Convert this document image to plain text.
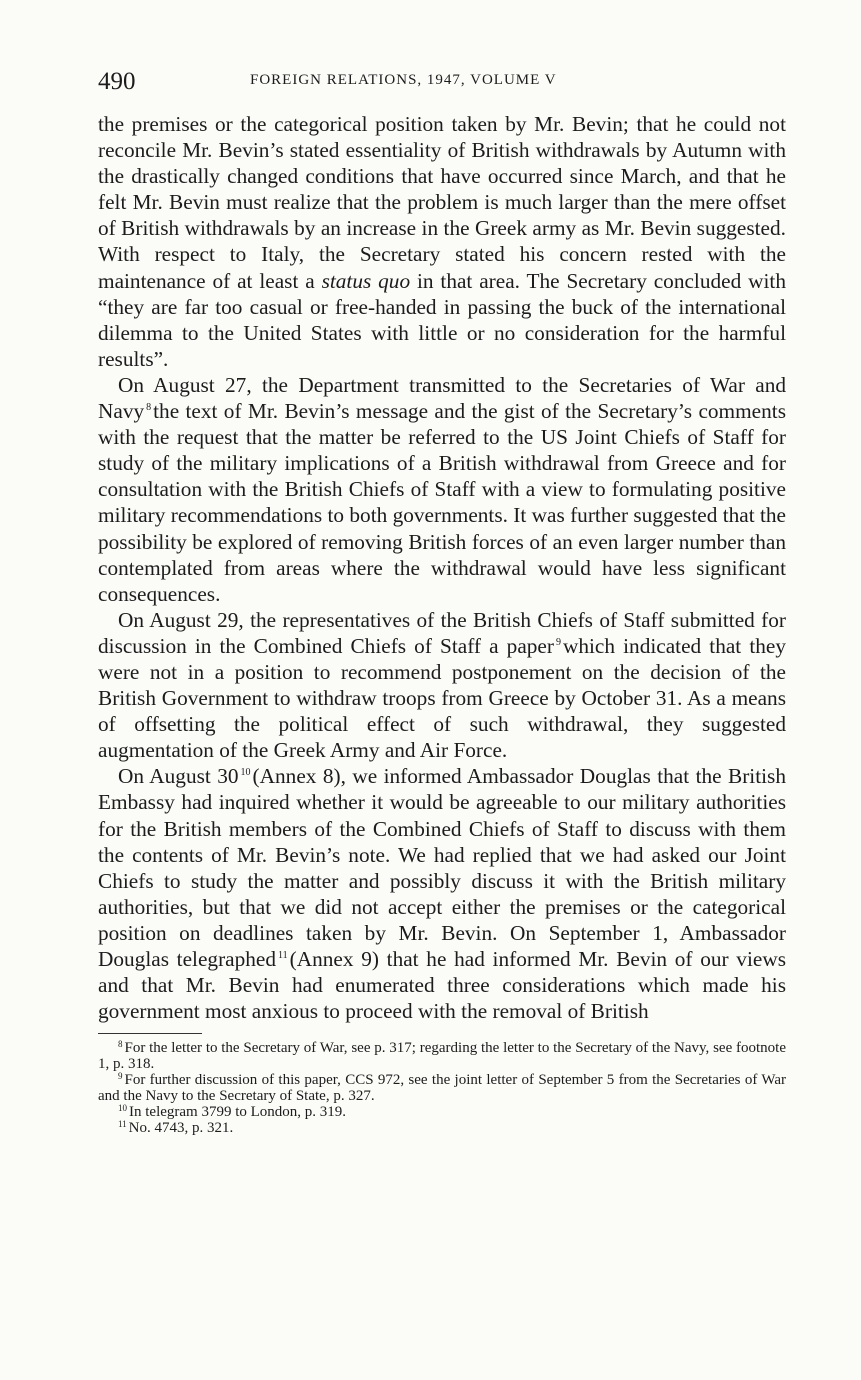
490	FOREIGN RELATIONS, 1947, VOLUME V

the premises or the categorical position taken by Mr. Bevin; that he could not reconcile Mr. Bevin’s stated essentiality of British withdrawals by Autumn with the drastically changed conditions that have occurred since March, and that he felt Mr. Bevin must realize that the problem is much larger than the mere offset of British withdrawals by an increase in the Greek army as Mr. Bevin suggested. With respect to Italy, the Secretary stated his concern rested with the maintenance of at least a status quo in that area. The Secretary concluded with “they are far too casual or free-handed in passing the buck of the international dilemma to the United States with little or no consideration for the harmful results”.

On August 27, the Department transmitted to the Secretaries of War and Navy $^8$the text of Mr. Bevin’s message and the gist of the Secretary’s comments with the request that the matter be referred to the US Joint Chiefs of Staff for study of the military implications of a British withdrawal from Greece and for consultation with the British Chiefs of Staff with a view to formulating positive military recommendations to both governments. It was further suggested that the possibility be explored of removing British forces of an even larger number than contemplated from areas where the withdrawal would have less significant consequences.

On August 29, the representatives of the British Chiefs of Staff submitted for discussion in the Combined Chiefs of Staff a paper $^9$which indicated that they were not in a position to recommend postponement on the decision of the British Government to withdraw troops from Greece by October 31. As a means of offsetting the political effect of such withdrawal, they suggested augmentation of the Greek Army and Air Force.

On August 30 $^{10}$(Annex 8), we informed Ambassador Douglas that the British Embassy had inquired whether it would be agreeable to our military authorities for the British members of the Combined Chiefs of Staff to discuss with them the contents of Mr. Bevin’s note. We had replied that we had asked our Joint Chiefs to study the matter and possibly discuss it with the British military authorities, but that we did not accept either the premises or the categorical position on deadlines taken by Mr. Bevin. On September 1, Ambassador Douglas telegraphed $^{11}$(Annex 9) that he had informed Mr. Bevin of our views and that Mr. Bevin had enumerated three considerations which made his government most anxious to proceed with the removal of British

$^8$ For the letter to the Secretary of War, see p. 317; regarding the letter to the Secretary of the Navy, see footnote 1, p. 318.

$^9$ For further discussion of this paper, CCS 972, see the joint letter of September 5 from the Secretaries of War and the Navy to the Secretary of State, p. 327.

$^{10}$ In telegram 3799 to London, p. 319.

$^{11}$ No. 4743, p. 321.
